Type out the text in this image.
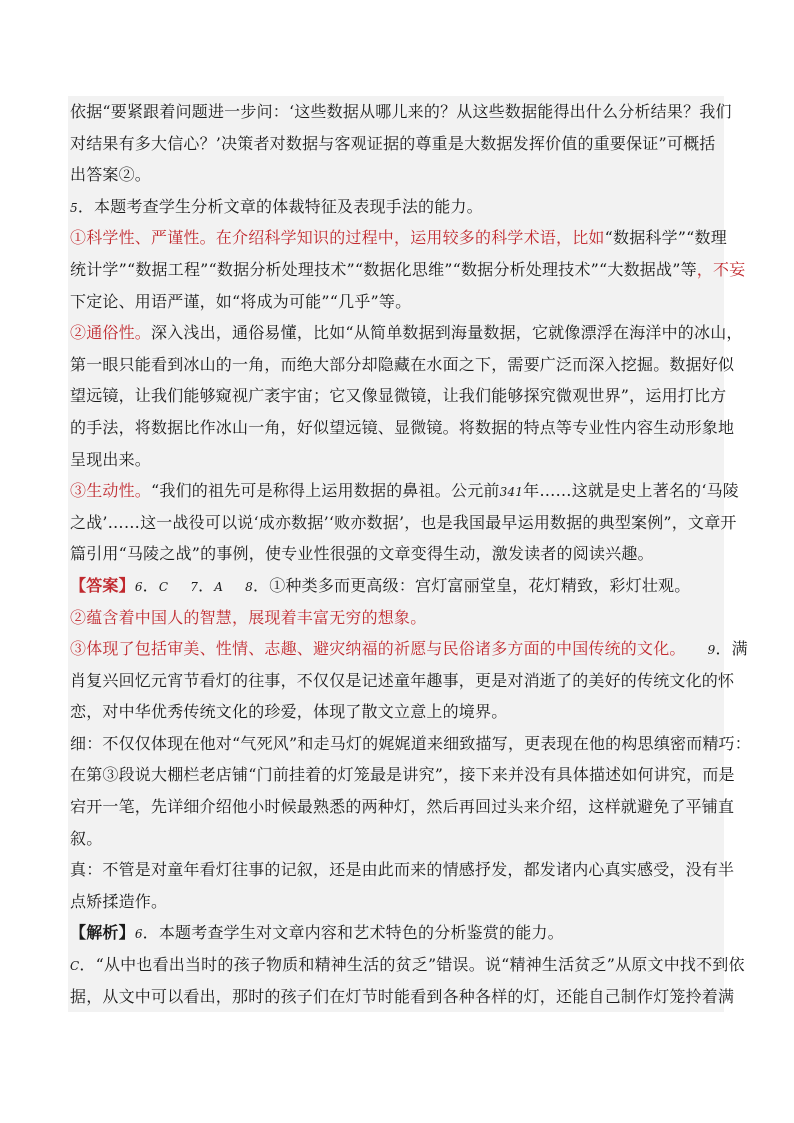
依据“要紧跟着问题进一步问：‘这些数据从哪儿来的？从这些数据能得出什么分析结果？我们
对结果有多大信心？’决策者对数据与客观证据的尊重是大数据发挥价值的重要保证”可概括
出答案②。
5．本题考查学生分析文章的体裁特征及表现手法的能力。
①科学性、严谨性。在介绍科学知识的过程中，运用较多的科学术语，比如“数据科学”“数理
统计学”“数据工程”“数据分析处理技术”“数据化思维”“数据分析处理技术”“大数据战”等，不妄
下定论、用语严谨，如“将成为可能”“几乎”等。
②通俗性。深入浅出，通俗易懂，比如“从简单数据到海量数据，它就像漂浮在海洋中的冰山，
第一眼只能看到冰山的一角，而绝大部分却隐藏在水面之下，需要广泛而深入挖掘。数据好似
望远镜，让我们能够窥视广袤宇宙；它又像显微镜，让我们能够探究微观世界”，运用打比方
的手法，将数据比作冰山一角，好似望远镜、显微镜。将数据的特点等专业性内容生动形象地
呈现出来。
③生动性。“我们的祖先可是称得上运用数据的鼻祖。公元前341年……这就是史上著名的‘马陵
之战’……这一战役可以说‘成亦数据’‘败亦数据’，也是我国最早运用数据的典型案例”，文章开
篇引用“马陵之战”的事例，使专业性很强的文章变得生动，激发读者的阅读兴趣。
【答案】6．C 7．A 8．①种类多而更高级：宫灯富丽堂皇，花灯精致，彩灯壮观。
②蕴含着中国人的智慧，展现着丰富无穷的想象。
③体现了包括审美、性情、志趣、避灾纳福的祈愿与民俗诸多方面的中国传统的文化。 9．满
肖复兴回忆元宵节看灯的往事，不仅仅是记述童年趣事，更是对消逝了的美好的传统文化的怀
恋，对中华优秀传统文化的珍爱，体现了散文立意上的境界。
细：不仅仅体现在他对“气死风”和走马灯的娓娓道来细致描写，更表现在他的构思缜密而精巧：
在第③段说大棚栏老店铺“门前挂着的灯笼最是讲究”，接下来并没有具体描述如何讲究，而是
宕开一笔，先详细介绍他小时候最熟悉的两种灯，然后再回过头来介绍，这样就避免了平铺直
叙。
真：不管是对童年看灯往事的记叙，还是由此而来的情感抒发，都发诸内心真实感受，没有半
点矫揉造作。
【解析】6．本题考查学生对文章内容和艺术特色的分析鉴赏的能力。
C．“从中也看出当时的孩子物质和精神生活的贫乏”错误。说“精神生活贫乏”从原文中找不到依
据，从文中可以看出，那时的孩子们在灯节时能看到各种各样的灯，还能自己制作灯笼拎着满
